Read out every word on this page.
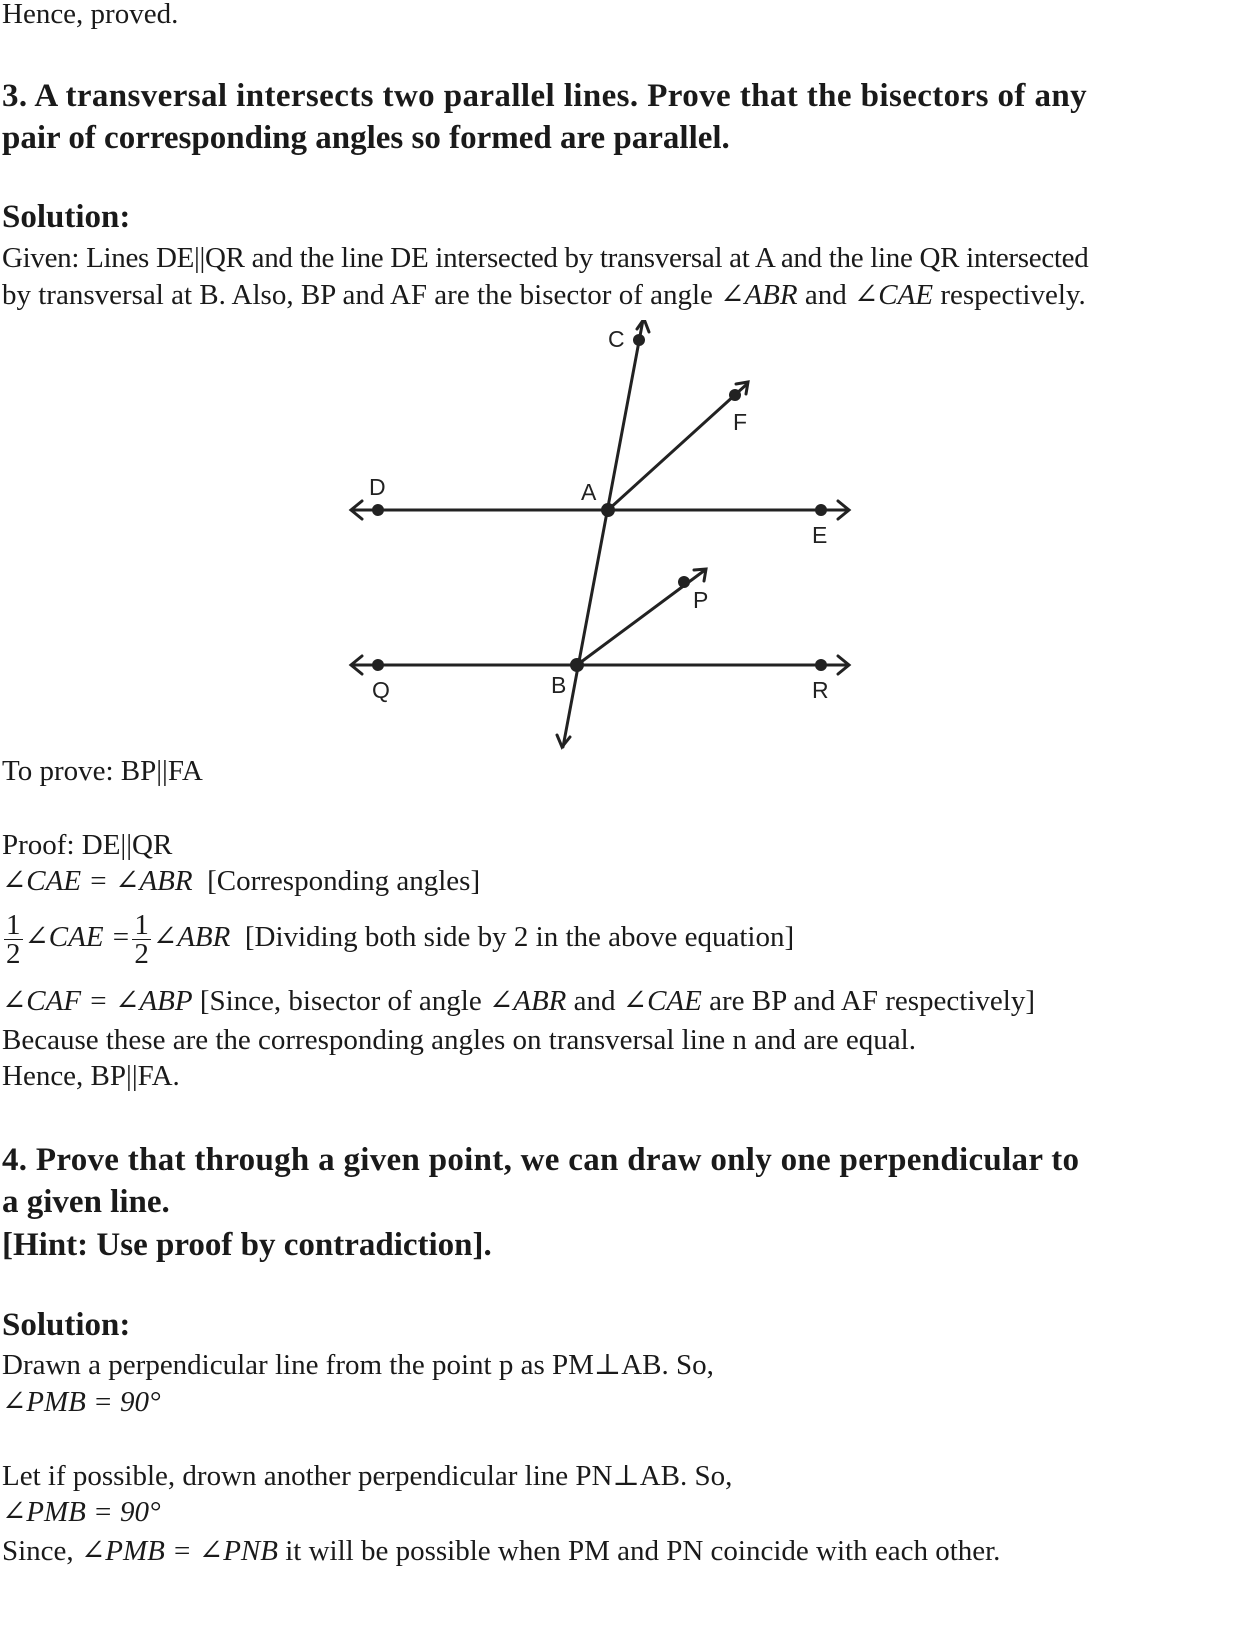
Hence, proved.
3. A transversal intersects two parallel lines. Prove that the bisectors of any
pair of corresponding angles so formed are parallel.
Solution:
Given: Lines DE||QR and the line DE intersected by transversal at A and the line QR intersected
by transversal at B. Also, BP and AF are the bisector of angle ∠ABR and ∠CAE respectively.
C
F
D	A
E
P
Q	B	R
To prove: BP||FA
Proof: DE||QR
∠CAE = ∠ABR [Corresponding angles]
$\frac{1}{2}$ ∠CAE = $\frac{1}{2}$ ∠ABR [Dividing both side by 2 in the above equation]
∠CAF = ∠ABP [Since, bisector of angle ∠ABR and ∠CAE are BP and AF respectively]
Because these are the corresponding angles on transversal line n and are equal.
Hence, BP||FA.
4. Prove that through a given point, we can draw only one perpendicular to
a given line.
[Hint: Use proof by contradiction].
Solution:
Drawn a perpendicular line from the point p as PM⊥AB. So,
∠PMB = 90°
Let if possible, drown another perpendicular line PN⊥AB. So,
∠PMB = 90°
Since, ∠PMB = ∠PNB it will be possible when PM and PN coincide with each other.
